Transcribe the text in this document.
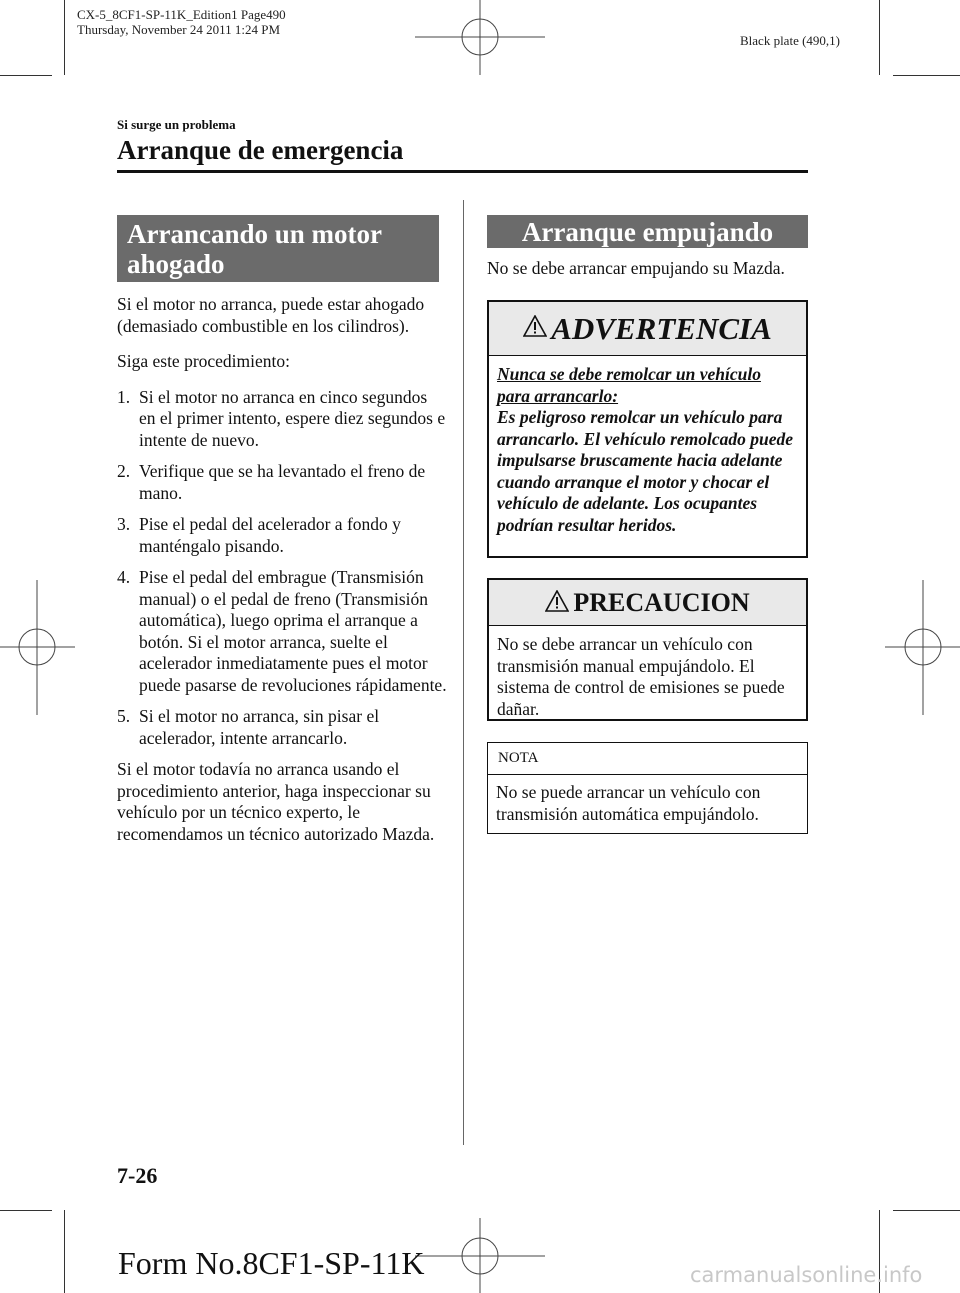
CX-5_8CF1-SP-11K_Edition1 Page490
Thursday, November 24 2011 1:24 PM
Black plate (490,1)
Si surge un problema
Arranque de emergencia
Arrancando un motor
ahogado

Si el motor no arranca, puede estar ahogado (demasiado combustible en los cilindros).

Siga este procedimiento:

1. Si el motor no arranca en cinco segundos en el primer intento, espere diez segundos e intente de nuevo.
2. Verifique que se ha levantado el freno de mano.
3. Pise el pedal del acelerador a fondo y manténgalo pisando.
4. Pise el pedal del embrague (Transmisión manual) o el pedal de freno (Transmisión automática), luego oprima el arranque a botón. Si el motor arranca, suelte el acelerador inmediatamente pues el motor puede pasarse de revoluciones rápidamente.
5. Si el motor no arranca, sin pisar el acelerador, intente arrancarlo.

Si el motor todavía no arranca usando el procedimiento anterior, haga inspeccionar su vehículo por un técnico experto, le recomendamos un técnico autorizado Mazda.

Arranque empujando
No se debe arrancar empujando su Mazda.
ADVERTENCIA
Nunca se debe remolcar un vehículo para arrancarlo:
Es peligroso remolcar un vehículo para arrancarlo. El vehículo remolcado puede impulsarse bruscamente hacia adelante cuando arranque el motor y chocar el vehículo de adelante. Los ocupantes podrían resultar heridos.
PRECAUCION
No se debe arrancar un vehículo con transmisión manual empujándolo. El sistema de control de emisiones se puede dañar.
NOTA
No se puede arrancar un vehículo con transmisión automática empujándolo.
7-26
Form No.8CF1-SP-11K	carmanualsonline.info
